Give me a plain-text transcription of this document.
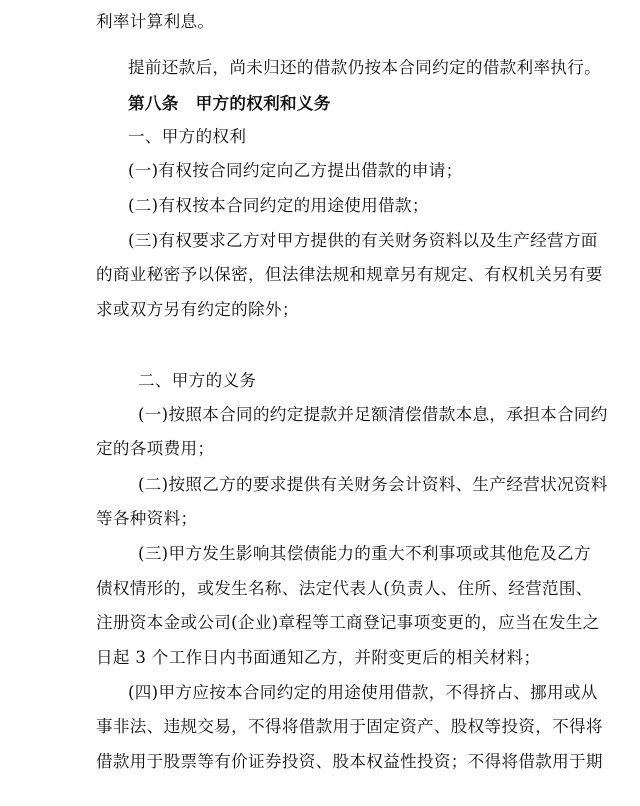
利率计算利息。
提前还款后，尚未归还的借款仍按本合同约定的借款利率执行。
第八条　甲方的权利和义务
一、甲方的权利
(一)有权按合同约定向乙方提出借款的申请；
(二)有权按本合同约定的用途使用借款；
(三)有权要求乙方对甲方提供的有关财务资料以及生产经营方面
的商业秘密予以保密，但法律法规和规章另有规定、有权机关另有要
求或双方另有约定的除外；
二、甲方的义务
(一)按照本合同的约定提款并足额清偿借款本息，承担本合同约
定的各项费用；
(二)按照乙方的要求提供有关财务会计资料、生产经营状况资料
等各种资料；
(三)甲方发生影响其偿债能力的重大不利事项或其他危及乙方
债权情形的，或发生名称、法定代表人(负责人、住所、经营范围、
注册资本金或公司(企业)章程等工商登记事项变更的，应当在发生之
日起 3 个工作日内书面通知乙方，并附变更后的相关材料；
(四)甲方应按本合同约定的用途使用借款，不得挤占、挪用或从
事非法、违规交易，不得将借款用于固定资产、股权等投资，不得将
借款用于股票等有价证券投资、股本权益性投资；不得将借款用于期
